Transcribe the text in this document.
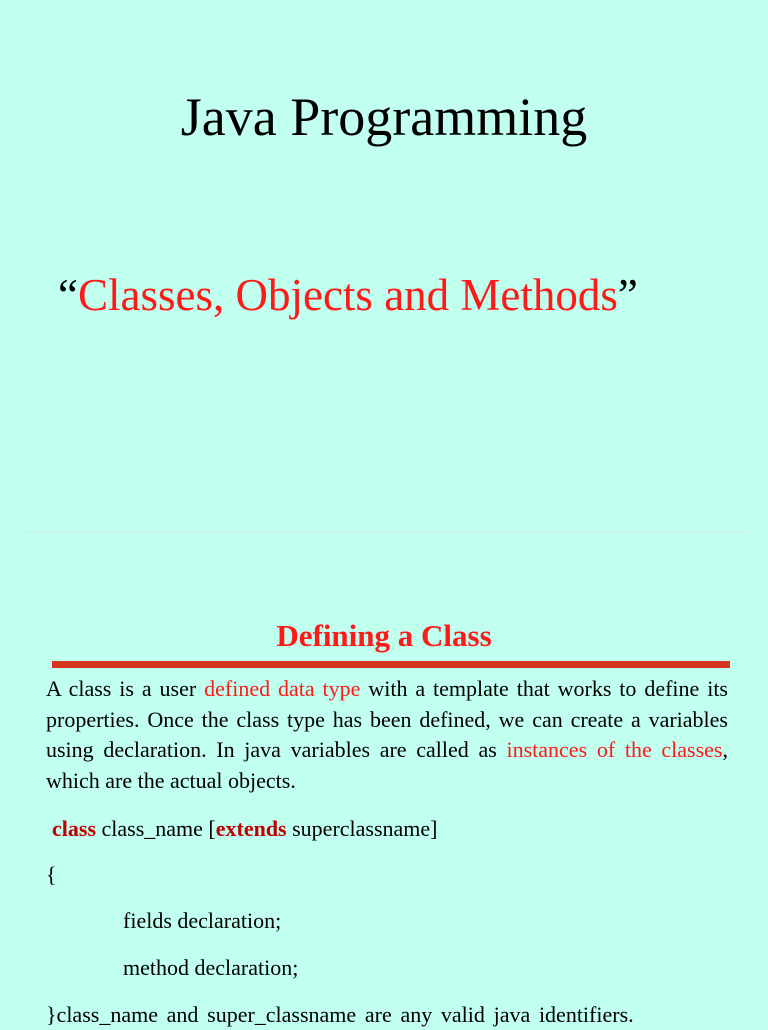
Java Programming
“Classes, Objects and Methods”
Defining a Class
A class is a user defined data type with a template that works to define its properties. Once the class type has been defined, we can create a variables using declaration. In java variables are called as instances of the classes, which are the actual objects.
class class_name [extends superclassname]
{
fields declaration;
method declaration;
}class_name and super_classname are any valid java identifiers.
